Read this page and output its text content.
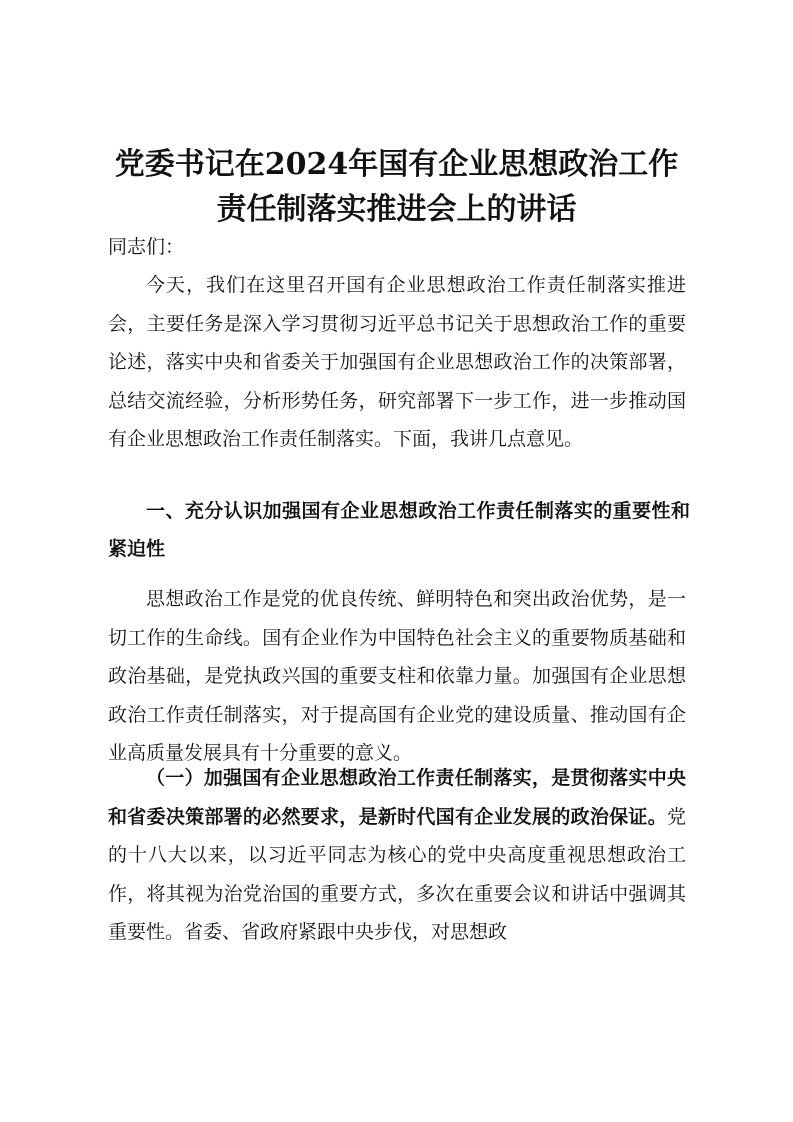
党委书记在2024年国有企业思想政治工作责任制落实推进会上的讲话

同志们：

今天，我们在这里召开国有企业思想政治工作责任制落实推进会，主要任务是深入学习贯彻习近平总书记关于思想政治工作的重要论述，落实中央和省委关于加强国有企业思想政治工作的决策部署，总结交流经验，分析形势任务，研究部署下一步工作，进一步推动国有企业思想政治工作责任制落实。下面，我讲几点意见。

一、充分认识加强国有企业思想政治工作责任制落实的重要性和紧迫性

思想政治工作是党的优良传统、鲜明特色和突出政治优势，是一切工作的生命线。国有企业作为中国特色社会主义的重要物质基础和政治基础，是党执政兴国的重要支柱和依靠力量。加强国有企业思想政治工作责任制落实，对于提高国有企业党的建设质量、推动国有企业高质量发展具有十分重要的意义。

（一）加强国有企业思想政治工作责任制落实，是贯彻落实中央和省委决策部署的必然要求，是新时代国有企业发展的政治保证。党的十八大以来，以习近平同志为核心的党中央高度重视思想政治工作，将其视为治党治国的重要方式，多次在重要会议和讲话中强调其重要性。省委、省政府紧跟中央步伐，对思想政
